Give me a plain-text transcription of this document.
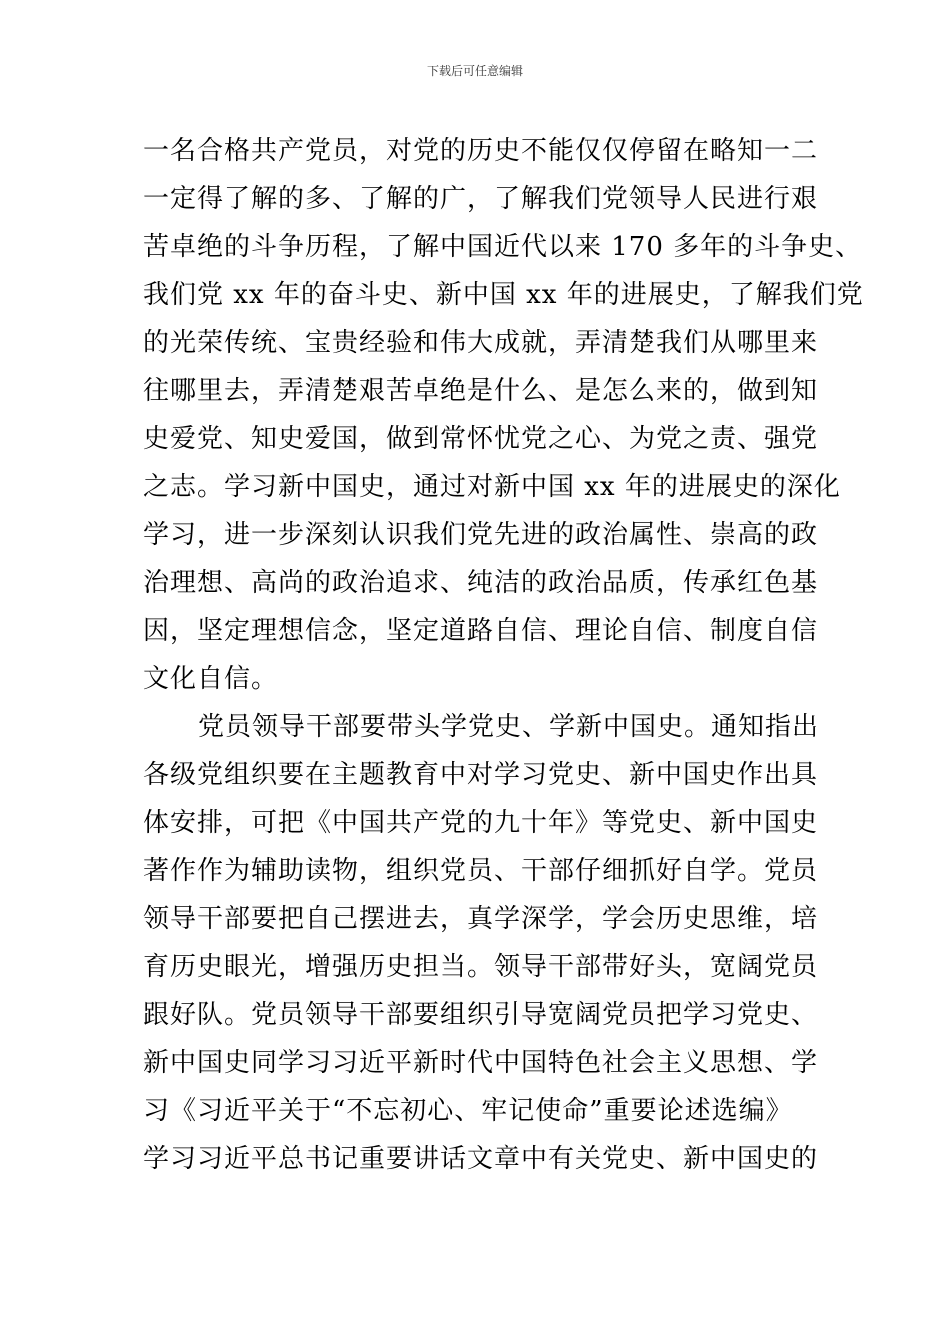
下载后可任意编辑
一名合格共产党员，对党的历史不能仅仅停留在略知一二
一定得了解的多、了解的广，了解我们党领导人民进行艰
苦卓绝的斗争历程，了解中国近代以来 170 多年的斗争史、
我们党 xx 年的奋斗史、新中国 xx 年的进展史，了解我们党
的光荣传统、宝贵经验和伟大成就，弄清楚我们从哪里来
往哪里去，弄清楚艰苦卓绝是什么、是怎么来的，做到知
史爱党、知史爱国，做到常怀忧党之心、为党之责、强党
之志。学习新中国史，通过对新中国 xx 年的进展史的深化
学习，进一步深刻认识我们党先进的政治属性、崇高的政
治理想、高尚的政治追求、纯洁的政治品质，传承红色基
因，坚定理想信念，坚定道路自信、理论自信、制度自信
文化自信。
党员领导干部要带头学党史、学新中国史。通知指出
各级党组织要在主题教育中对学习党史、新中国史作出具
体安排，可把《中国共产党的九十年》等党史、新中国史
著作作为辅助读物，组织党员、干部仔细抓好自学。党员
领导干部要把自己摆进去，真学深学，学会历史思维，培
育历史眼光，增强历史担当。领导干部带好头，宽阔党员
跟好队。党员领导干部要组织引导宽阔党员把学习党史、
新中国史同学习习近平新时代中国特色社会主义思想、学
习《习近平关于“不忘初心、牢记使命”重要论述选编》
学习习近平总书记重要讲话文章中有关党史、新中国史的
